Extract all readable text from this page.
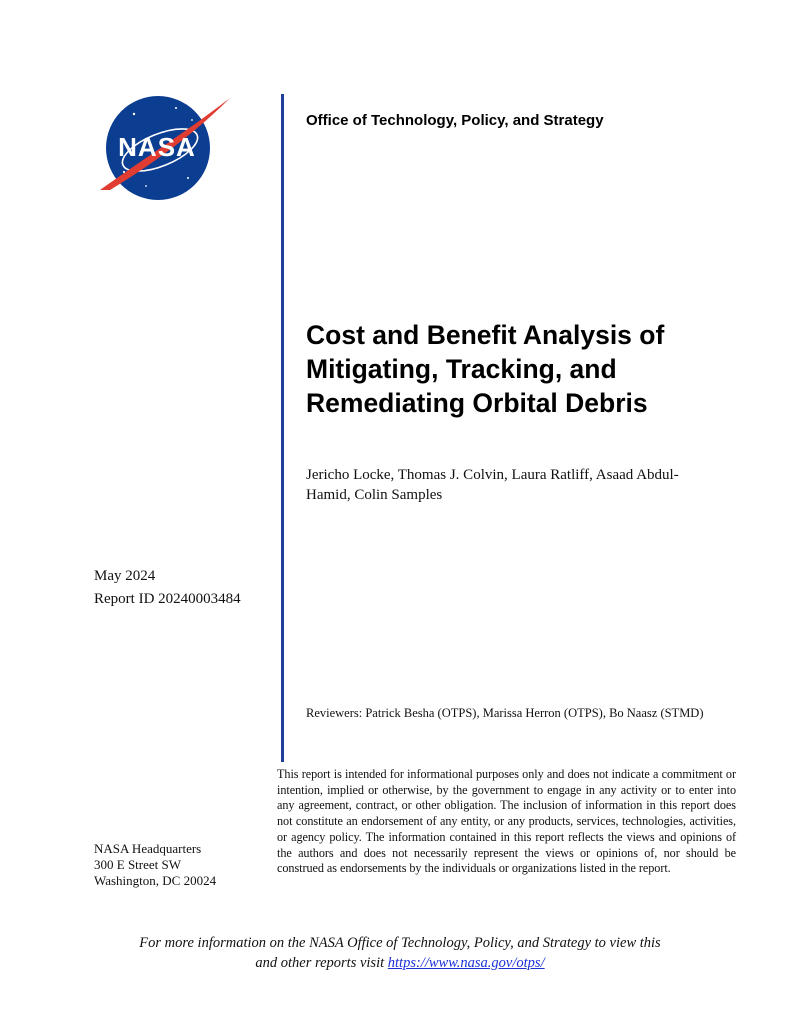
NASA
Office of Technology, Policy, and Strategy
Cost and Benefit Analysis of
Mitigating, Tracking, and
Remediating Orbital Debris
Jericho Locke, Thomas J. Colvin, Laura Ratliff, Asaad Abdul-
Hamid, Colin Samples
May 2024
Report ID 20240003484
Reviewers: Patrick Besha (OTPS), Marissa Herron (OTPS), Bo Naasz (STMD)
NASA Headquarters
300 E Street SW
Washington, DC 20024
This report is intended for informational purposes only and does not indicate a commitment or intention, implied or otherwise, by the government to engage in any activity or to enter into any agreement, contract, or other obligation. The inclusion of information in this report does not constitute an endorsement of any entity, or any products, services, technologies, activities, or agency policy. The information contained in this report reflects the views and opinions of the authors and does not necessarily represent the views or opinions of, nor should be construed as endorsements by the individuals or organizations listed in the report.
For more information on the NASA Office of Technology, Policy, and Strategy to view this
and other reports visit https://www.nasa.gov/otps/
